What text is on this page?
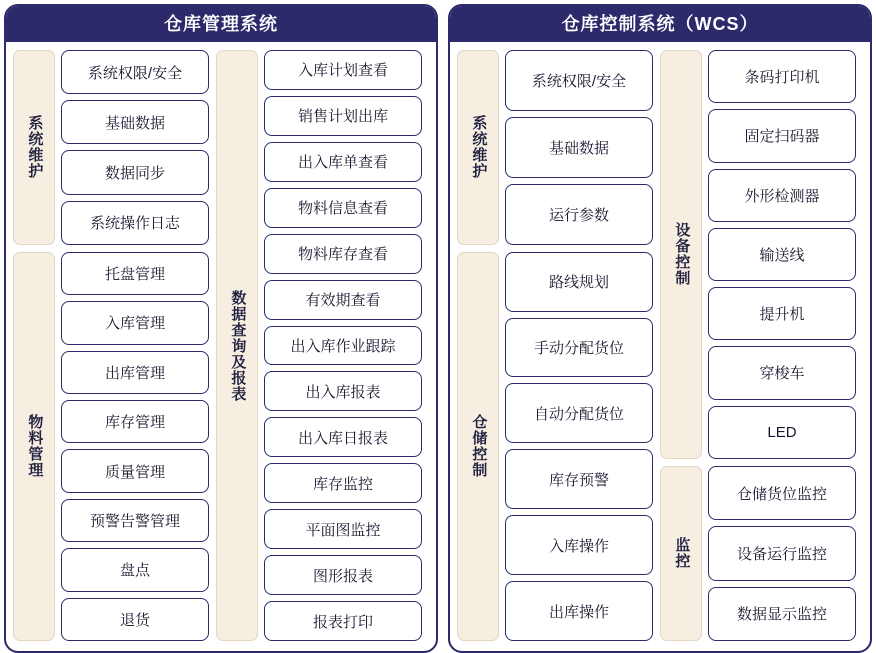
仓库管理系统
系统维护
系统权限/安全
基础数据
数据同步
系统操作日志
物料管理
托盘管理
入库管理
出库管理
库存管理
质量管理
预警告警管理
盘点
退货
数据查询及报表
入库计划查看
销售计划出库
出入库单查看
物料信息查看
物料库存查看
有效期查看
出入库作业跟踪
出入库报表
出入库日报表
库存监控
平面图监控
图形报表
报表打印
仓库控制系统（WCS）
系统维护
系统权限/安全
基础数据
运行参数
仓储控制
路线规划
手动分配货位
自动分配货位
库存预警
入库操作
出库操作
设备控制
条码打印机
固定扫码器
外形检测器
输送线
提升机
穿梭车
LED
监控
仓储货位监控
设备运行监控
数据显示监控
